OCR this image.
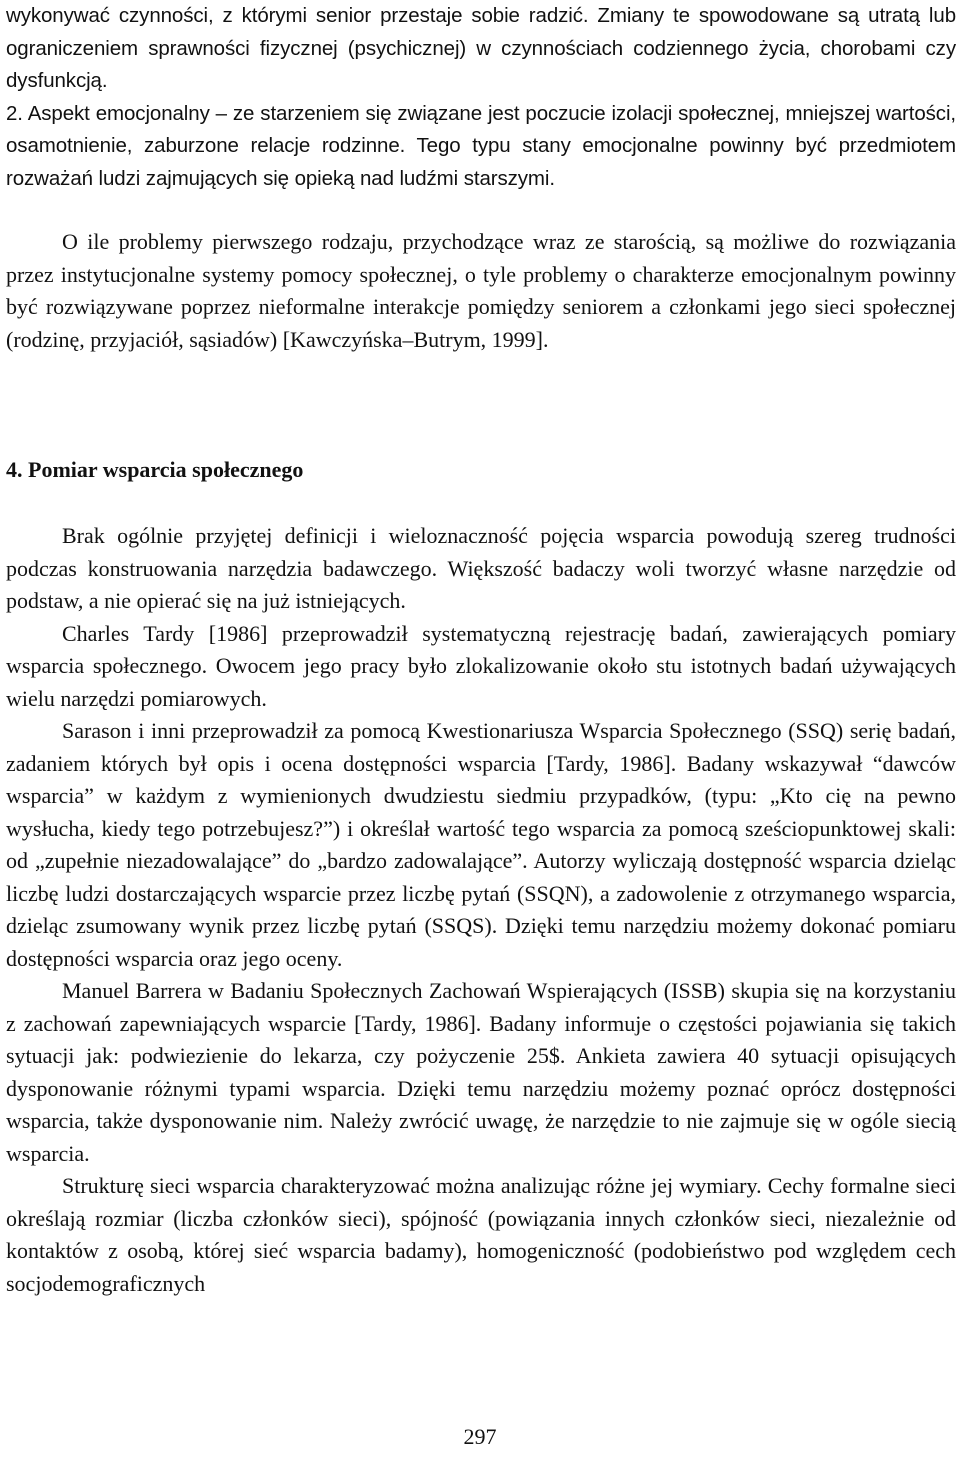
wykonywać czynności, z którymi senior przestaje sobie radzić. Zmiany te spowodowane są utratą lub ograniczeniem sprawności fizycznej (psychicznej) w czynnościach codziennego życia, chorobami czy dysfunkcją.

2. Aspekt emocjonalny – ze starzeniem się związane jest poczucie izolacji społecznej, mniejszej wartości, osamotnienie, zaburzone relacje rodzinne. Tego typu stany emocjonalne powinny być przedmiotem rozważań ludzi zajmujących się opieką nad ludźmi starszymi.

O ile problemy pierwszego rodzaju, przychodzące wraz ze starością, są możliwe do rozwiązania przez instytucjonalne systemy pomocy społecznej, o tyle problemy o charakterze emocjonalnym powinny być rozwiązywane poprzez nieformalne interakcje pomiędzy seniorem a członkami jego sieci społecznej (rodzinę, przyjaciół, sąsiadów) [Kawczyńska–Butrym, 1999].

4. Pomiar wsparcia społecznego

Brak ogólnie przyjętej definicji i wieloznaczność pojęcia wsparcia powodują szereg trudności podczas konstruowania narzędzia badawczego. Większość badaczy woli tworzyć własne narzędzie od podstaw, a nie opierać się na już istniejących.

Charles Tardy [1986] przeprowadził systematyczną rejestrację badań, zawierających pomiary wsparcia społecznego. Owocem jego pracy było zlokalizowanie około stu istotnych badań używających wielu narzędzi pomiarowych.

Sarason i inni przeprowadził za pomocą Kwestionariusza Wsparcia Społecznego (SSQ) serię badań, zadaniem których był opis i ocena dostępności wsparcia [Tardy, 1986]. Badany wskazywał “dawców wsparcia” w każdym z wymienionych dwudziestu siedmiu przypadków, (typu: „Kto cię na pewno wysłucha, kiedy tego potrzebujesz?”) i określał wartość tego wsparcia za pomocą sześciopunktowej skali: od „zupełnie niezadowalające” do „bardzo zadowalające”. Autorzy wyliczają dostępność wsparcia dzieląc liczbę ludzi dostarczających wsparcie przez liczbę pytań (SSQN), a zadowolenie z otrzymanego wsparcia, dzieląc zsumowany wynik przez liczbę pytań (SSQS). Dzięki temu narzędziu możemy dokonać pomiaru dostępności wsparcia oraz jego oceny.

Manuel Barrera w Badaniu Społecznych Zachowań Wspierających (ISSB) skupia się na korzystaniu z zachowań zapewniających wsparcie [Tardy, 1986]. Badany informuje o częstości pojawiania się takich sytuacji jak: podwiezienie do lekarza, czy pożyczenie 25$. Ankieta zawiera 40 sytuacji opisujących dysponowanie różnymi typami wsparcia. Dzięki temu narzędziu możemy poznać oprócz dostępności wsparcia, także dysponowanie nim. Należy zwrócić uwagę, że narzędzie to nie zajmuje się w ogóle siecią wsparcia.

Strukturę sieci wsparcia charakteryzować można analizując różne jej wymiary. Cechy formalne sieci określają rozmiar (liczba członków sieci), spójność (powiązania innych członków sieci, niezależnie od kontaktów z osobą, której sieć wsparcia badamy), homogeniczność (podobieństwo pod względem cech socjodemograficznych

297
